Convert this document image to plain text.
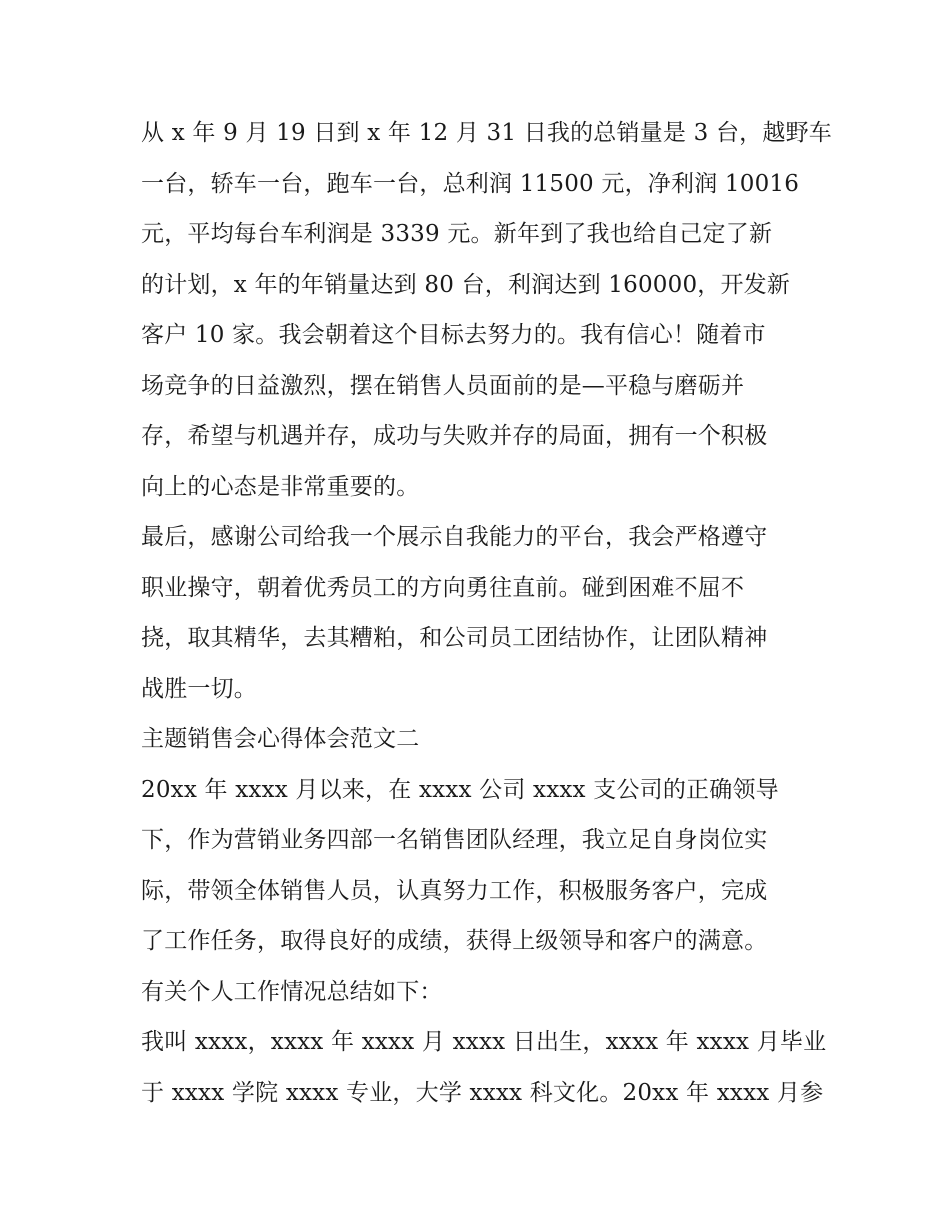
从 x 年 9 月 19 日到 x 年 12 月 31 日我的总销量是 3 台，越野车
一台，轿车一台，跑车一台，总利润 11500 元，净利润 10016
元，平均每台车利润是 3339 元。新年到了我也给自己定了新
的计划，x 年的年销量达到 80 台，利润达到 160000，开发新
客户 10 家。我会朝着这个目标去努力的。我有信心！随着市
场竞争的日益激烈，摆在销售人员面前的是—平稳与磨砺并
存，希望与机遇并存，成功与失败并存的局面，拥有一个积极
向上的心态是非常重要的。
最后，感谢公司给我一个展示自我能力的平台，我会严格遵守
职业操守，朝着优秀员工的方向勇往直前。碰到困难不屈不
挠，取其精华，去其糟粕，和公司员工团结协作，让团队精神
战胜一切。
主题销售会心得体会范文二
20xx 年 xxxx 月以来，在 xxxx 公司 xxxx 支公司的正确领导
下，作为营销业务四部一名销售团队经理，我立足自身岗位实
际，带领全体销售人员，认真努力工作，积极服务客户，完成
了工作任务，取得良好的成绩，获得上级领导和客户的满意。
有关个人工作情况总结如下：
我叫 xxxx，xxxx 年 xxxx 月 xxxx 日出生，xxxx 年 xxxx 月毕业
于 xxxx 学院 xxxx 专业，大学 xxxx 科文化。20xx 年 xxxx 月参
